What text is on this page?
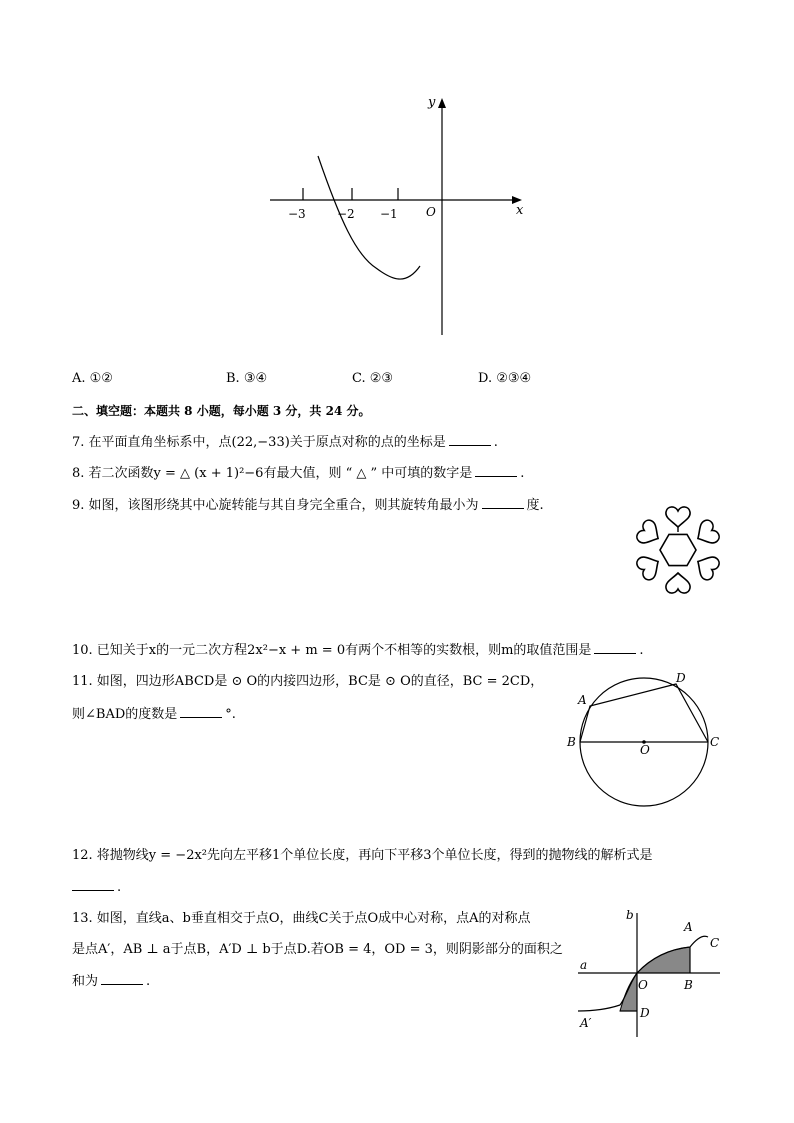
y
x
O
−3	−2 −1
A. ①②	B. ③④	C. ②③	D. ②③④
二、填空题：本题共 8 小题，每小题 3 分，共 24 分。
7. 在平面直角坐标系中，点(22,−33)关于原点对称的点的坐标是	.
8. 若二次函数y = △ (x + 1)²−6有最大值，则 “ △ ” 中可填的数字是	.
9. 如图，该图形绕其中心旋转能与其自身完全重合，则其旋转角最小为	度.
10. 已知关于x的一元二次方程2x²−x + m = 0有两个不相等的实数根，则m的取值范围是	.
11. 如图，四边形ABCD是 ⊙ O的内接四边形，BC是 ⊙ O的直径，BC = 2CD，
则∠BAD的度数是	°.
A
D
B	C
O
12. 将抛物线y = −2x²先向左平移1个单位长度，再向下平移3个单位长度，得到的抛物线的解析式是
.
13. 如图，直线a、b垂直相交于点O，曲线C关于点O成中心对称，点A的对称点
是点A′，AB ⊥ a于点B，A′D ⊥ b于点D.若OB = 4，OD = 3，则阴影部分的面积之
和为	.
b
A
C
a
O	B
A′
D
